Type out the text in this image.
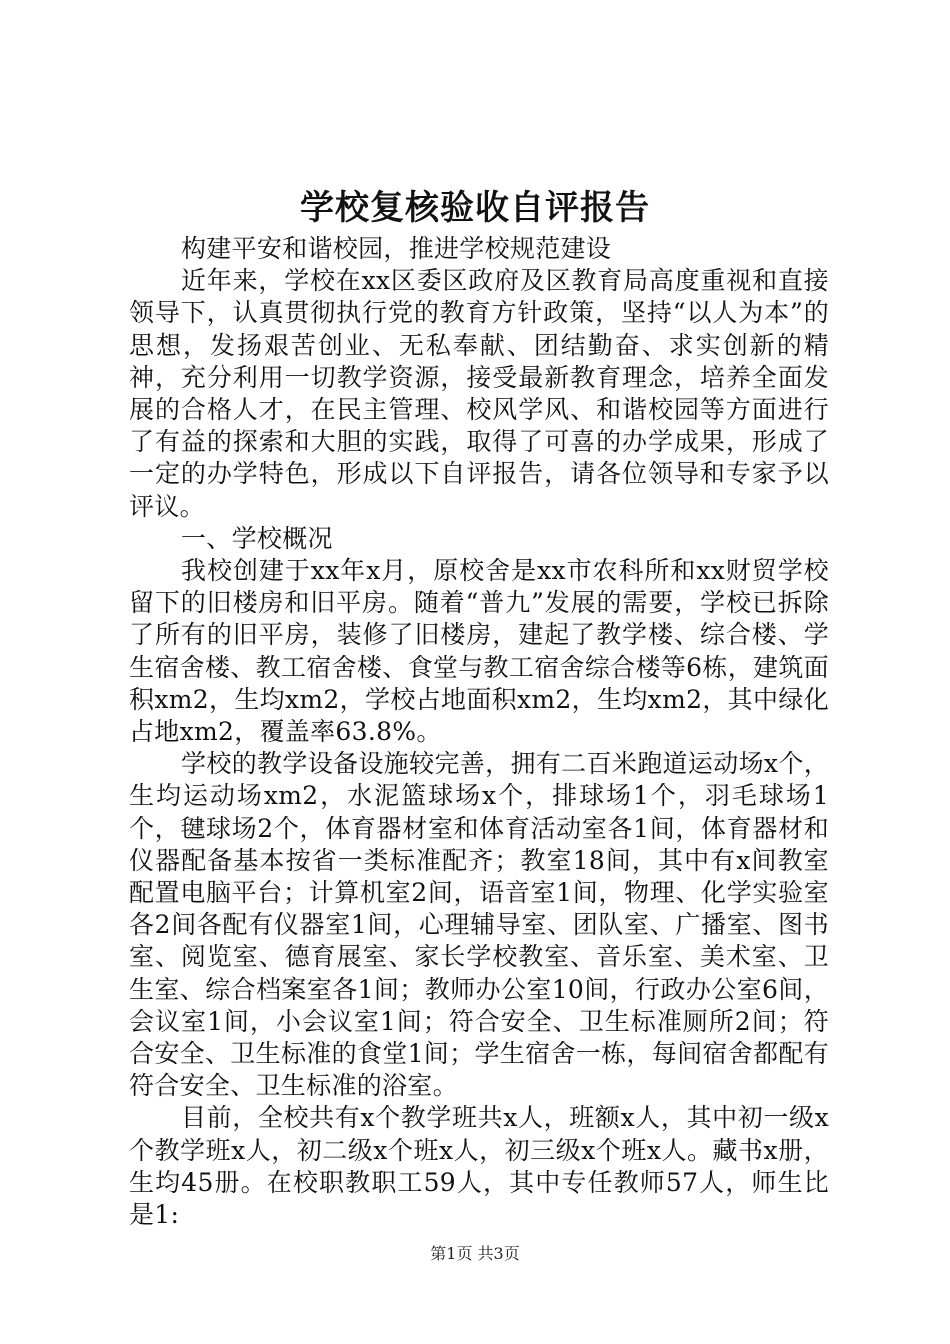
学校复核验收自评报告

构建平安和谐校园，推进学校规范建设

近年来，学校在xx区委区政府及区教育局高度重视和直接领导下，认真贯彻执行党的教育方针政策，坚持“以人为本”的思想，发扬艰苦创业、无私奉献、团结勤奋、求实创新的精神，充分利用一切教学资源，接受最新教育理念，培养全面发展的合格人才，在民主管理、校风学风、和谐校园等方面进行了有益的探索和大胆的实践，取得了可喜的办学成果，形成了一定的办学特色，形成以下自评报告，请各位领导和专家予以评议。

一、学校概况

我校创建于xx年x月，原校舍是xx市农科所和xx财贸学校留下的旧楼房和旧平房。随着“普九”发展的需要，学校已拆除了所有的旧平房，装修了旧楼房，建起了教学楼、综合楼、学生宿舍楼、教工宿舍楼、食堂与教工宿舍综合楼等6栋，建筑面积xm2，生均xm2，学校占地面积xm2，生均xm2，其中绿化占地xm2，覆盖率63.8%。

学校的教学设备设施较完善，拥有二百米跑道运动场x个，生均运动场xm2，水泥篮球场x个，排球场1个，羽毛球场1个，毽球场2个，体育器材室和体育活动室各1间，体育器材和仪器配备基本按省一类标准配齐；教室18间，其中有x间教室配置电脑平台；计算机室2间，语音室1间，物理、化学实验室各2间各配有仪器室1间，心理辅导室、团队室、广播室、图书室、阅览室、德育展室、家长学校教室、音乐室、美术室、卫生室、综合档案室各1间；教师办公室10间，行政办公室6间，会议室1间，小会议室1间；符合安全、卫生标准厕所2间；符合安全、卫生标准的食堂1间；学生宿舍一栋，每间宿舍都配有符合安全、卫生标准的浴室。

目前，全校共有x个教学班共x人，班额x人，其中初一级x个教学班x人，初二级x个班x人，初三级x个班x人。藏书x册，生均45册。在校职教职工59人，其中专任教师57人，师生比是1:

第1页 共3页
